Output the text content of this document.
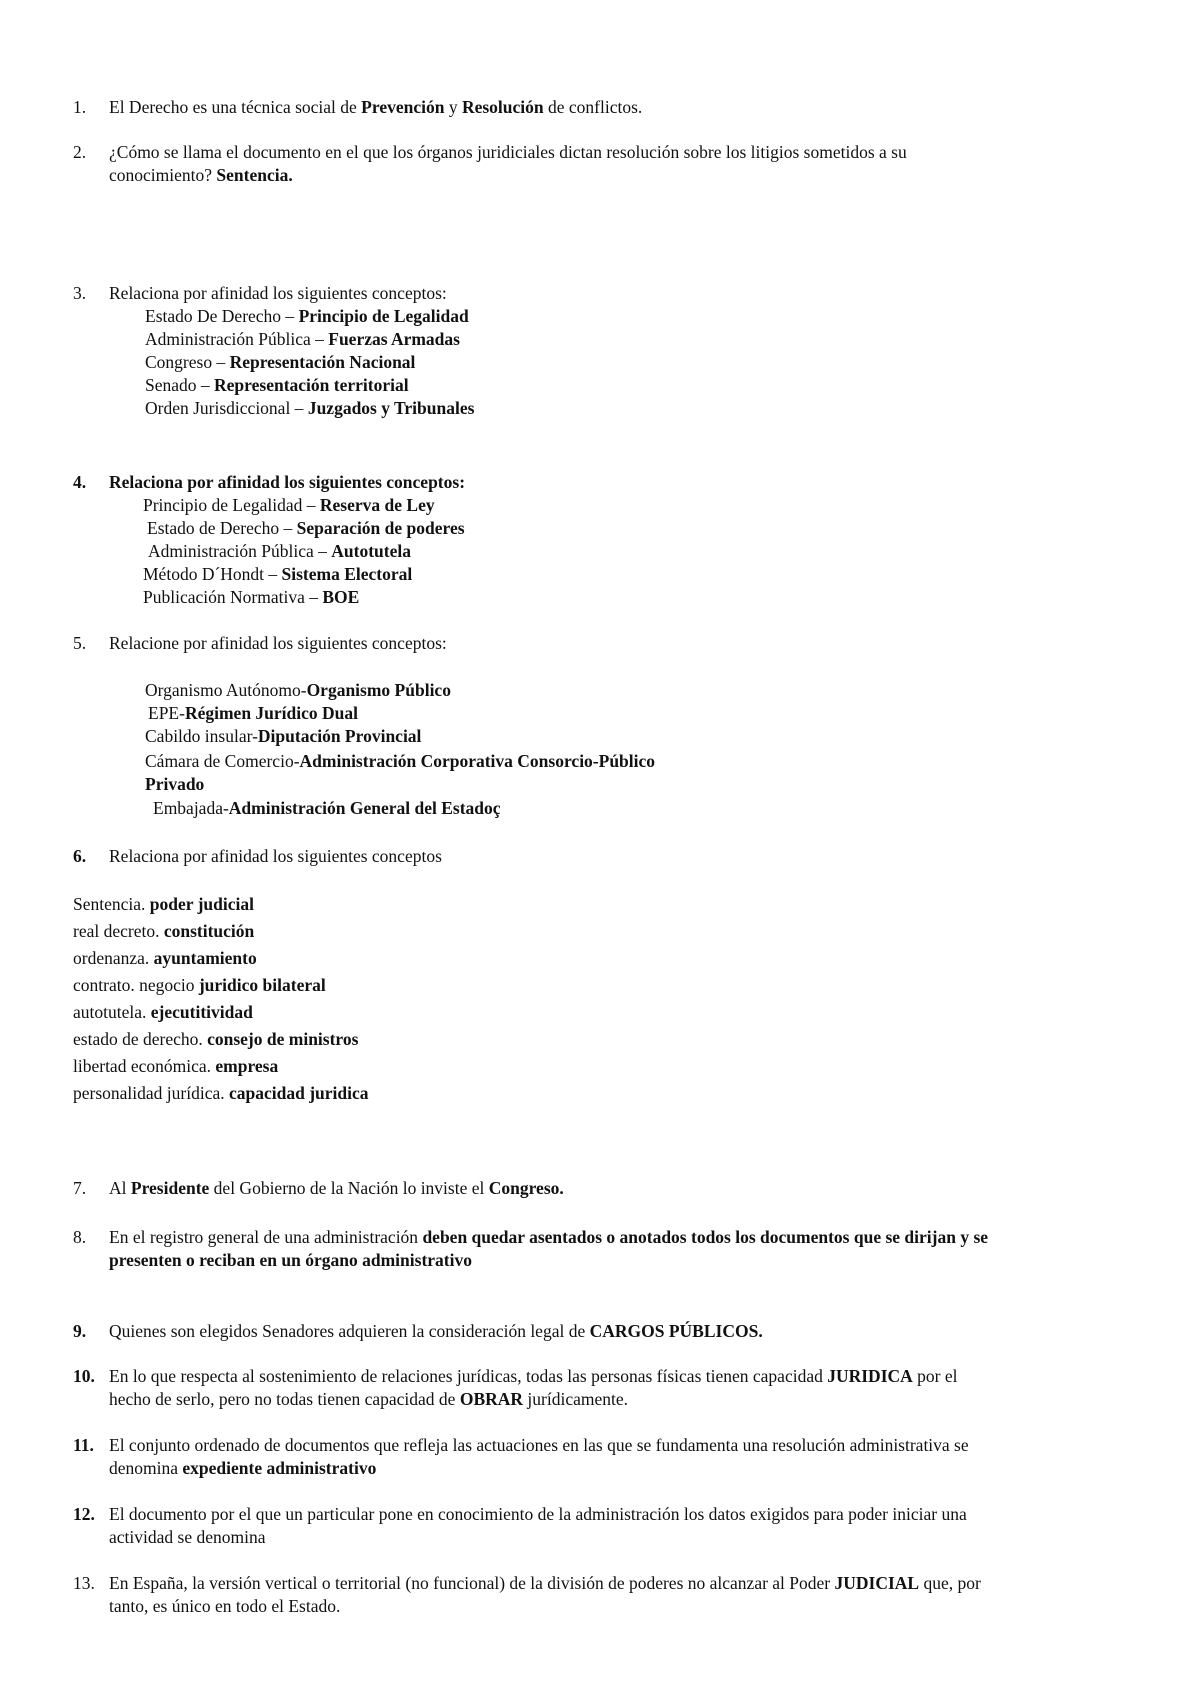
1. El Derecho es una técnica social de Prevención y Resolución de conflictos.
2. ¿Cómo se llama el documento en el que los órganos juridiciales dictan resolución sobre los litigios sometidos a su
conocimiento? Sentencia.
3. Relaciona por afinidad los siguientes conceptos:
Estado De Derecho – Principio de Legalidad
Administración Pública – Fuerzas Armadas
Congreso – Representación Nacional
Senado – Representación territorial
Orden Jurisdiccional – Juzgados y Tribunales
4. Relaciona por afinidad los siguientes conceptos:
Principio de Legalidad – Reserva de Ley
Estado de Derecho – Separación de poderes
Administración Pública – Autotutela
Método D´Hondt – Sistema Electoral
Publicación Normativa – BOE
5. Relacione por afinidad los siguientes conceptos:
Organismo Autónomo-Organismo Público
EPE-Régimen Jurídico Dual
Cabildo insular-Diputación Provincial
Cámara de Comercio-Administración Corporativa Consorcio-Público
Privado
Embajada-Administración General del Estadoç
6. Relaciona por afinidad los siguientes conceptos
Sentencia. poder judicial
real decreto. constitución
ordenanza. ayuntamiento
contrato. negocio juridico bilateral
autotutela. ejecutitividad
estado de derecho. consejo de ministros
libertad económica. empresa
personalidad jurídica. capacidad juridica
7. Al Presidente del Gobierno de la Nación lo inviste el Congreso.
8. En el registro general de una administración deben quedar asentados o anotados todos los documentos que se dirijan y se
presenten o reciban en un órgano administrativo
9. Quienes son elegidos Senadores adquieren la consideración legal de CARGOS PÚBLICOS.
10. En lo que respecta al sostenimiento de relaciones jurídicas, todas las personas físicas tienen capacidad JURIDICA por el
hecho de serlo, pero no todas tienen capacidad de OBRAR jurídicamente.
11. El conjunto ordenado de documentos que refleja las actuaciones en las que se fundamenta una resolución administrativa se
denomina expediente administrativo
12. El documento por el que un particular pone en conocimiento de la administración los datos exigidos para poder iniciar una
actividad se denomina
13. En España, la versión vertical o territorial (no funcional) de la división de poderes no alcanzar al Poder JUDICIAL que, por
tanto, es único en todo el Estado.
